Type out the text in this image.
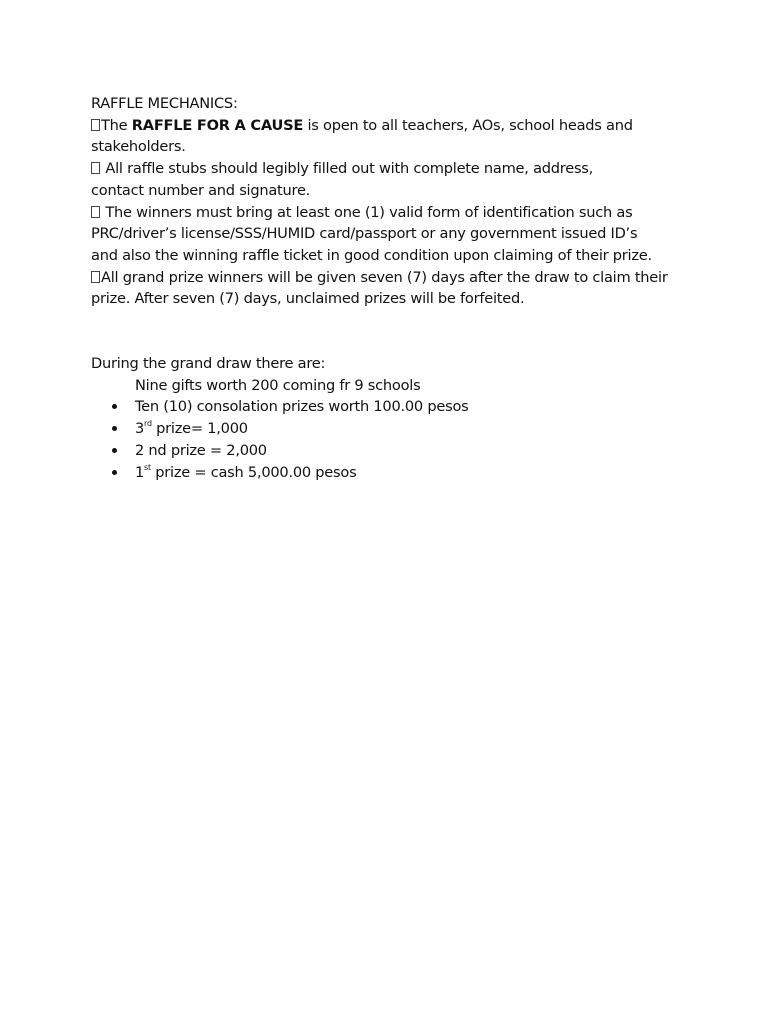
RAFFLE MECHANICS:
The RAFFLE FOR A CAUSE is open to all teachers, AOs, school heads and
stakeholders.
All raffle stubs should legibly filled out with complete name, address,
contact number and signature.
The winners must bring at least one (1) valid form of identification such as
PRC/driver’s license/SSS/HUMID card/passport or any government issued ID’s
and also the winning raffle ticket in good condition upon claiming of their prize.
All grand prize winners will be given seven (7) days after the draw to claim their
prize. After seven (7) days, unclaimed prizes will be forfeited.
During the grand draw there are:
Nine gifts worth 200 coming fr 9 schools
Ten (10) consolation prizes worth 100.00 pesos
3rd prize= 1,000
2 nd prize = 2,000
1st prize = cash 5,000.00 pesos
